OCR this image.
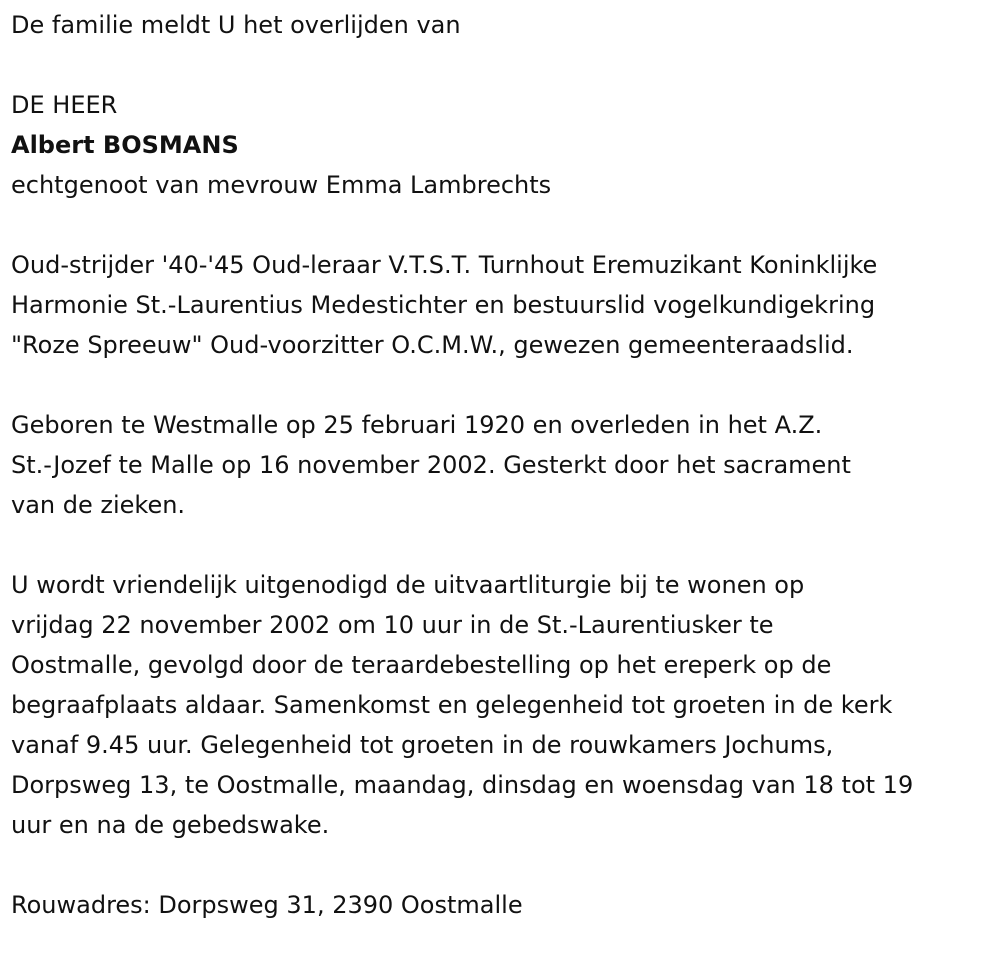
De familie meldt U het overlijden van

DE HEER

Albert BOSMANS

echtgenoot van mevrouw Emma Lambrechts

Oud-strijder '40-'45 Oud-leraar V.T.S.T. Turnhout Eremuzikant Koninklijke

Harmonie St.-Laurentius Medestichter en bestuurslid vogelkundigekring

"Roze Spreeuw" Oud-voorzitter O.C.M.W., gewezen gemeenteraadslid.

Geboren te Westmalle op 25 februari 1920 en overleden in het A.Z.

St.-Jozef te Malle op 16 november 2002. Gesterkt door het sacrament

van de zieken.

U wordt vriendelijk uitgenodigd de uitvaartliturgie bij te wonen op

vrijdag 22 november 2002 om 10 uur in de St.-Laurentiusker te

Oostmalle, gevolgd door de teraardebestelling op het ereperk op de

begraafplaats aldaar. Samenkomst en gelegenheid tot groeten in de kerk

vanaf 9.45 uur. Gelegenheid tot groeten in de rouwkamers Jochums,

Dorpsweg 13, te Oostmalle, maandag, dinsdag en woensdag van 18 tot 19

uur en na de gebedswake.

Rouwadres: Dorpsweg 31, 2390 Oostmalle
